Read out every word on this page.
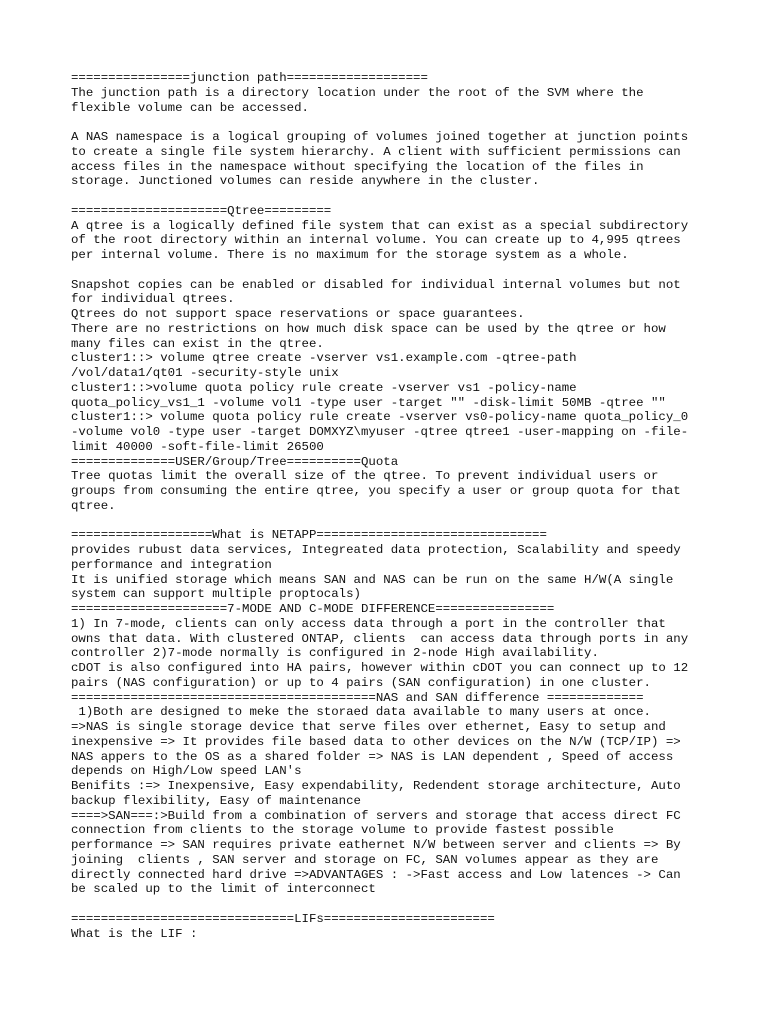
================junction path===================
The junction path is a directory location under the root of the SVM where the
flexible volume can be accessed.
A NAS namespace is a logical grouping of volumes joined together at junction points
to create a single file system hierarchy. A client with sufficient permissions can
access files in the namespace without specifying the location of the files in
storage. Junctioned volumes can reside anywhere in the cluster.
=====================Qtree=========
A qtree is a logically defined file system that can exist as a special subdirectory
of the root directory within an internal volume. You can create up to 4,995 qtrees
per internal volume. There is no maximum for the storage system as a whole.
Snapshot copies can be enabled or disabled for individual internal volumes but not
for individual qtrees.
Qtrees do not support space reservations or space guarantees.
There are no restrictions on how much disk space can be used by the qtree or how
many files can exist in the qtree.
cluster1::> volume qtree create -vserver vs1.example.com -qtree-path
/vol/data1/qt01 -security-style unix
cluster1::>volume quota policy rule create -vserver vs1 -policy-name
quota_policy_vs1_1 -volume vol1 -type user -target "" -disk-limit 50MB -qtree ""
cluster1::> volume quota policy rule create -vserver vs0-policy-name quota_policy_0
-volume vol0 -type user -target DOMXYZ\myuser -qtree qtree1 -user-mapping on -file-
limit 40000 -soft-file-limit 26500
==============USER/Group/Tree==========Quota
Tree quotas limit the overall size of the qtree. To prevent individual users or
groups from consuming the entire qtree, you specify a user or group quota for that
qtree.
===================What is NETAPP===============================
provides rubust data services, Integreated data protection, Scalability and speedy
performance and integration
It is unified storage which means SAN and NAS can be run on the same H/W(A single
system can support multiple proptocals)
=====================7-MODE AND C-MODE DIFFERENCE================
1) In 7-mode, clients can only access data through a port in the controller that
owns that data. With clustered ONTAP, clients  can access data through ports in any
controller 2)7-mode normally is configured in 2-node High availability.
cDOT is also configured into HA pairs, however within cDOT you can connect up to 12
pairs (NAS configuration) or up to 4 pairs (SAN configuration) in one cluster.
=========================================NAS and SAN difference =============
1)Both are designed to meke the storaed data available to many users at once.
=>NAS is single storage device that serve files over ethernet, Easy to setup and
inexpensive => It provides file based data to other devices on the N/W (TCP/IP) =>
NAS appers to the OS as a shared folder => NAS is LAN dependent , Speed of access
depends on High/Low speed LAN's
Benifits :=> Inexpensive, Easy expendability, Redendent storage architecture, Auto
backup flexibility, Easy of maintenance
====>SAN===:>Build from a combination of servers and storage that access direct FC
connection from clients to the storage volume to provide fastest possible
performance => SAN requires private eathernet N/W between server and clients => By
joining  clients , SAN server and storage on FC, SAN volumes appear as they are
directly connected hard drive =>ADVANTAGES : ->Fast access and Low latences -> Can
be scaled up to the limit of interconnect
==============================LIFs=======================
What is the LIF :
